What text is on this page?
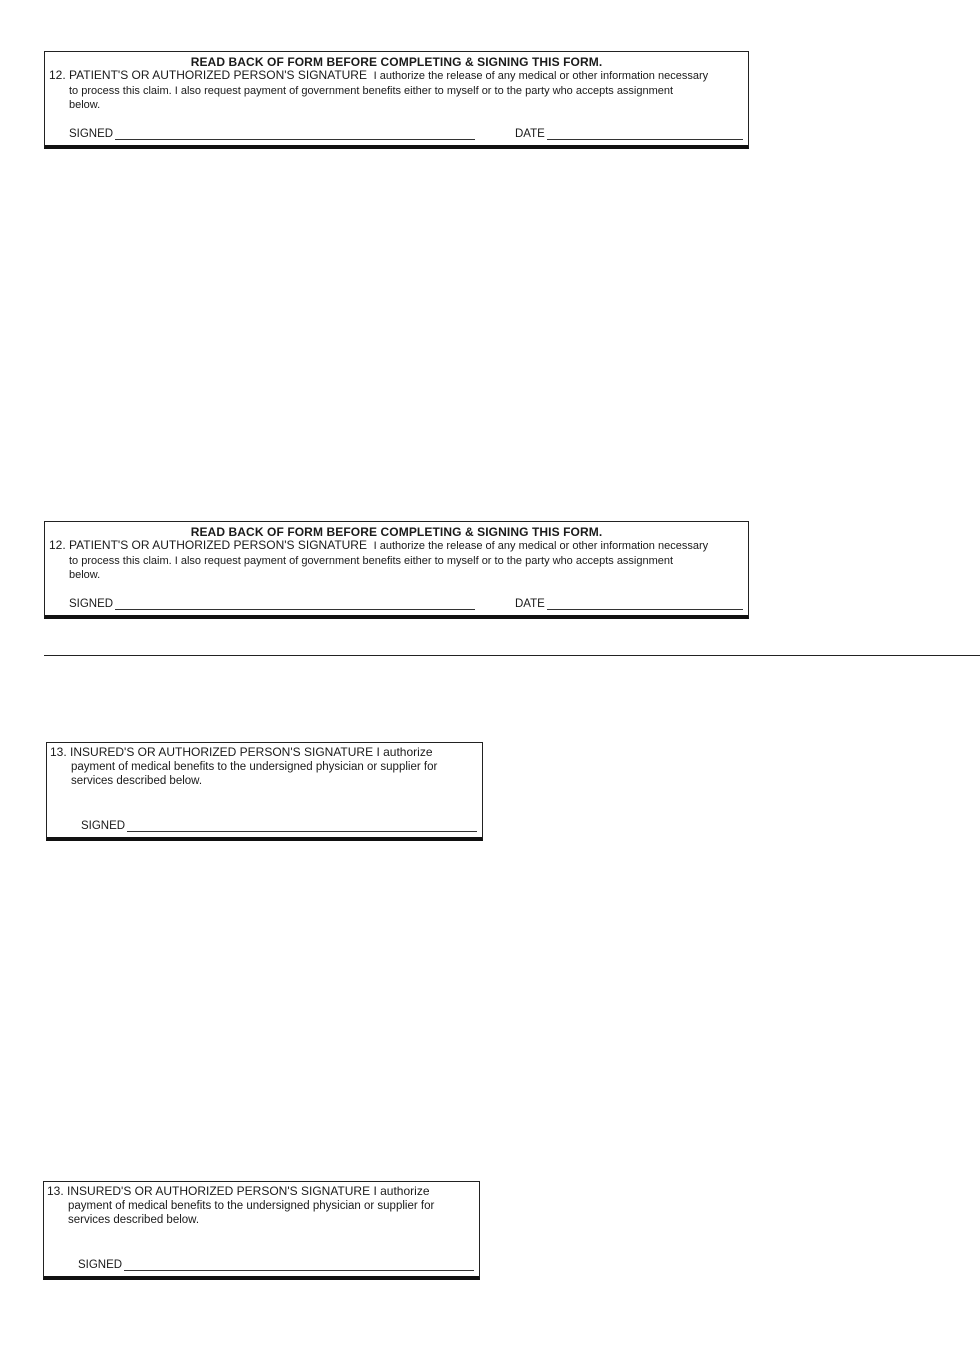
READ BACK OF FORM BEFORE COMPLETING & SIGNING THIS FORM.
12. PATIENT'S OR AUTHORIZED PERSON'S SIGNATURE I authorize the release of any medical or other information necessary
to process this claim. I also request payment of government benefits either to myself or to the party who accepts assignment
below.
SIGNED	DATE
READ BACK OF FORM BEFORE COMPLETING & SIGNING THIS FORM.
12. PATIENT'S OR AUTHORIZED PERSON'S SIGNATURE I authorize the release of any medical or other information necessary
to process this claim. I also request payment of government benefits either to myself or to the party who accepts assignment
below.
SIGNED	DATE
13. INSURED'S OR AUTHORIZED PERSON'S SIGNATURE I authorize
payment of medical benefits to the undersigned physician or supplier for
services described below.
SIGNED
13. INSURED'S OR AUTHORIZED PERSON'S SIGNATURE I authorize
payment of medical benefits to the undersigned physician or supplier for
services described below.
SIGNED
